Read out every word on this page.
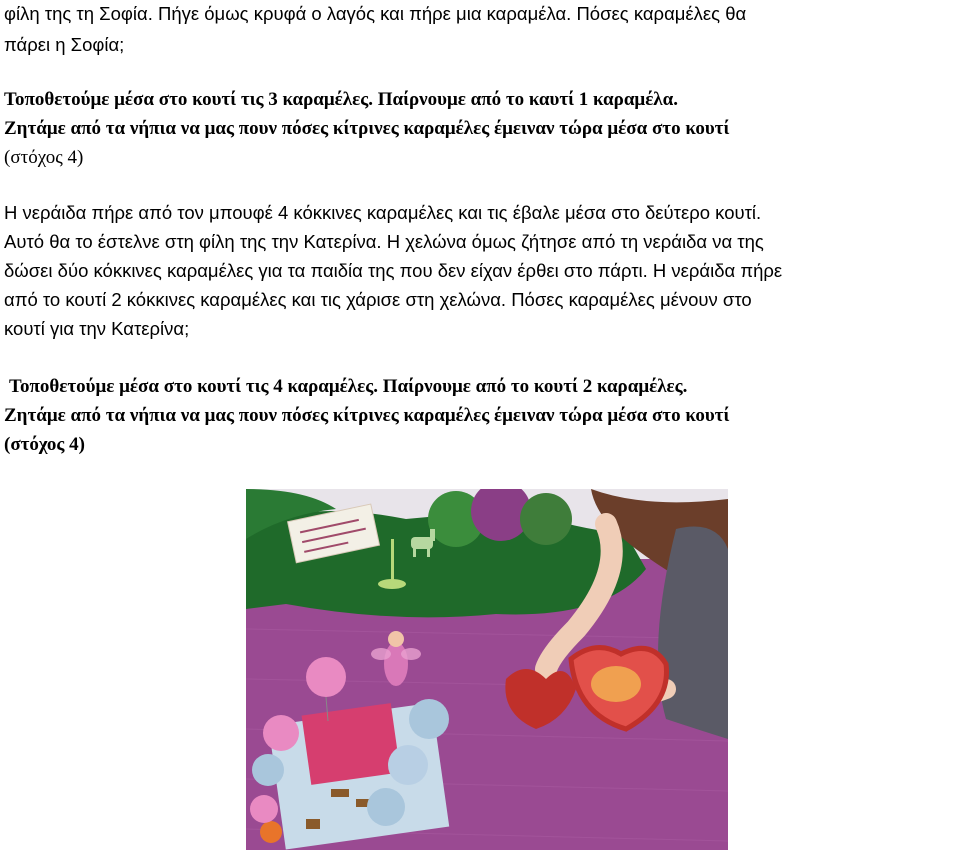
φίλη της τη Σοφία. Πήγε όμως κρυφά ο λαγός και πήρε μια καραμέλα. Πόσες καραμέλες θα
πάρει η Σοφία;
Τοποθετούμε μέσα στο κουτί τις 3 καραμέλες. Παίρνουμε από το καυτί 1 καραμέλα.
Ζητάμε από τα νήπια να μας πουν πόσες κίτρινες καραμέλες έμειναν τώρα μέσα στο κουτί
(στόχος 4)
Η νεράιδα πήρε από τον μπουφέ 4 κόκκινες καραμέλες και τις έβαλε μέσα στο δεύτερο κουτί.
Αυτό θα το έστελνε στη φίλη της την Κατερίνα. Η χελώνα όμως ζήτησε από τη νεράιδα να της
δώσει δύο κόκκινες καραμέλες για τα παιδία της που δεν είχαν έρθει στο πάρτι. Η νεράιδα πήρε
από το κουτί 2 κόκκινες καραμέλες και τις χάρισε στη χελώνα. Πόσες καραμέλες μένουν στο
κουτί για την Κατερίνα;
Τοποθετούμε μέσα στο κουτί τις 4 καραμέλες. Παίρνουμε από το κουτί 2 καραμέλες.
Ζητάμε από τα νήπια να μας πουν πόσες κίτρινες καραμέλες έμειναν τώρα μέσα στο κουτί
(στόχος 4)
